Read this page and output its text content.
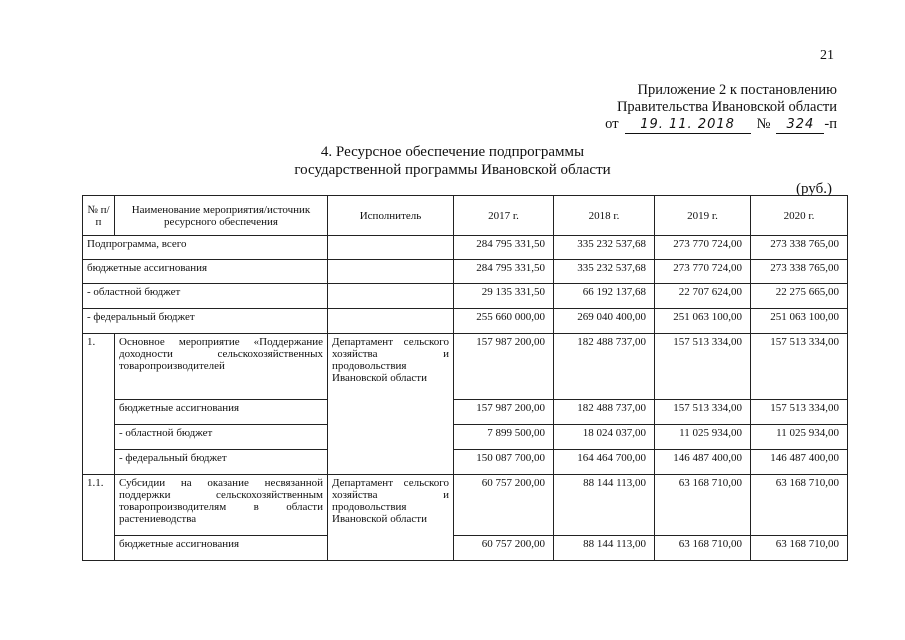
21
Приложение 2 к постановлению
Правительства Ивановской области
от	19. 11. 2018	№	324 -п
4. Ресурсное обеспечение подпрограммы
государственной программы Ивановской области
(руб.)
№ п/п	Наименование мероприятия/источник ресурсного обеспечения	Исполнитель	2017 г.	2018 г.	2019 г.	2020 г.
Подпрограмма, всего			284 795 331,50	335 232 537,68	273 770 724,00	273 338 765,00
бюджетные ассигнования			284 795 331,50	335 232 537,68	273 770 724,00	273 338 765,00
- областной бюджет			29 135 331,50	66 192 137,68	22 707 624,00	22 275 665,00
- федеральный бюджет			255 660 000,00	269 040 400,00	251 063 100,00	251 063 100,00
1.	Основное мероприятие «Поддержание доходности сельскохозяйственных товаропроизводителей	Департамент сельского хозяйства и продовольствия Ивановской области	157 987 200,00	182 488 737,00	157 513 334,00	157 513 334,00
	бюджетные ассигнования		157 987 200,00	182 488 737,00	157 513 334,00	157 513 334,00
	- областной бюджет		7 899 500,00	18 024 037,00	11 025 934,00	11 025 934,00
	- федеральный бюджет		150 087 700,00	164 464 700,00	146 487 400,00	146 487 400,00
1.1.	Субсидии на оказание несвязанной поддержки сельскохозяйственным товаропроизводителям в области растениеводства	Департамент сельского хозяйства и продовольствия Ивановской области	60 757 200,00	88 144 113,00	63 168 710,00	63 168 710,00
	бюджетные ассигнования		60 757 200,00	88 144 113,00	63 168 710,00	63 168 710,00
